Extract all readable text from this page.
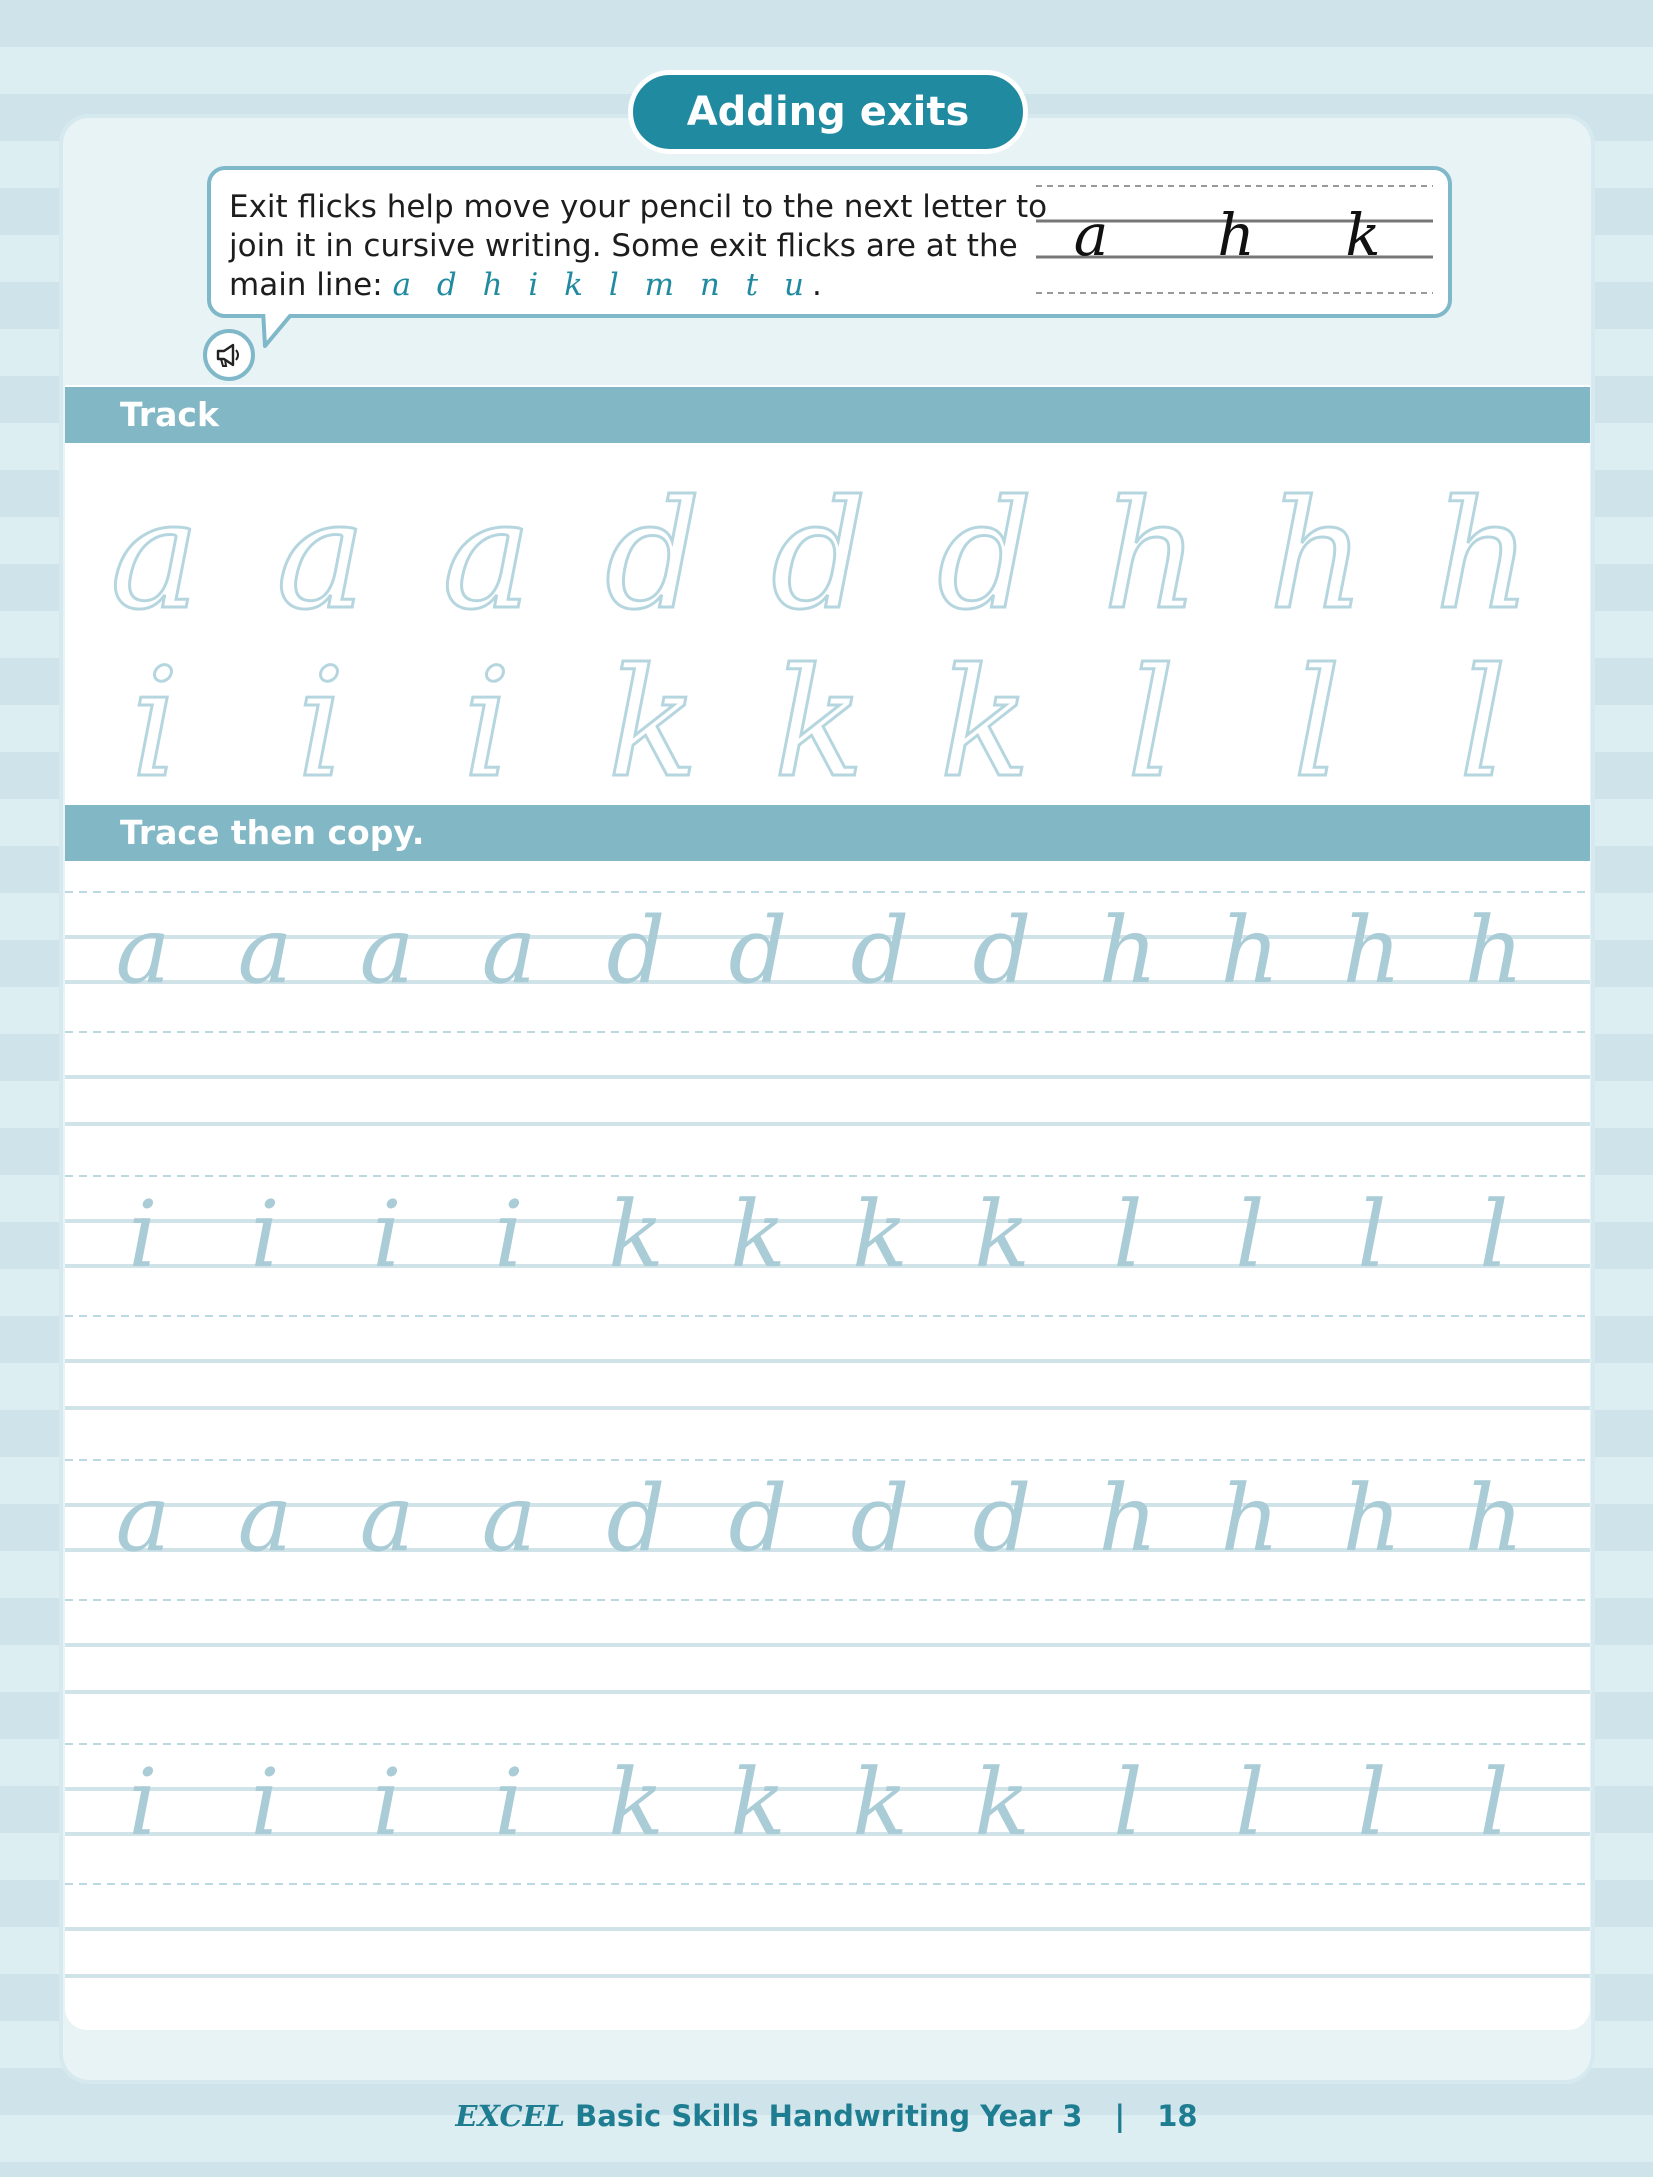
Adding exits
Exit flicks help move your pencil to the next letter to join it in cursive writing. Some exit flicks are at the main line: a d h i k l m n t u.
a h k
Track
a a a d d d h h h
i i i k k k l l l
Trace then copy.
a a a a d d d d h h h h
i i i i k k k k l l l l
a a a a d d d d h h h h
i i i i k k k k l l l l
EXCEL Basic Skills Handwriting Year 3 | 18
